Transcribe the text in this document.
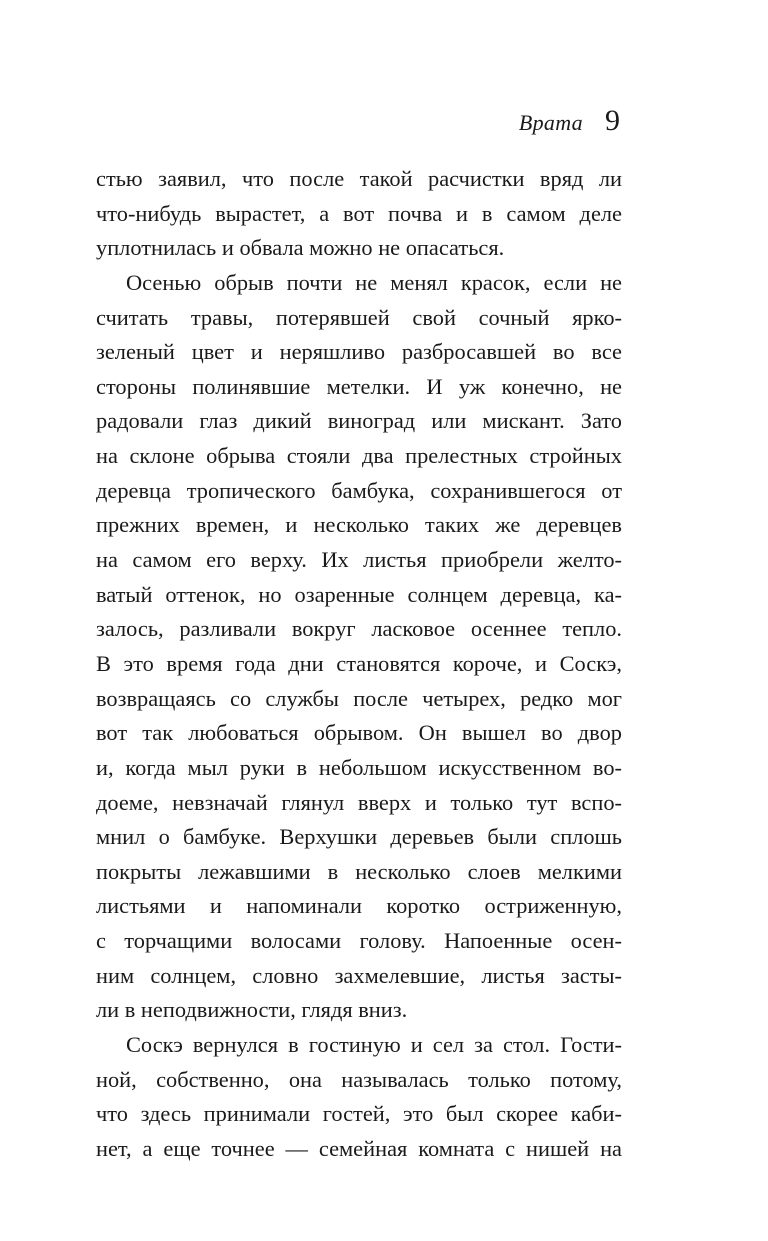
Врата 9
стью заявил, что после такой расчистки вряд ли
что-нибудь вырастет, а вот почва и в самом деле
уплотнилась и обвала можно не опасаться.
Осенью обрыв почти не менял красок, если не
считать травы, потерявшей свой сочный ярко-
зеленый цвет и неряшливо разбросавшей во все
стороны полинявшие метелки. И уж конечно, не
радовали глаз дикий виноград или мискант. Зато
на склоне обрыва стояли два прелестных стройных
деревца тропического бамбука, сохранившегося от
прежних времен, и несколько таких же деревцев
на самом его верху. Их листья приобрели желто-
ватый оттенок, но озаренные солнцем деревца, ка-
залось, разливали вокруг ласковое осеннее тепло.
В это время года дни становятся короче, и Соскэ,
возвращаясь со службы после четырех, редко мог
вот так любоваться обрывом. Он вышел во двор
и, когда мыл руки в небольшом искусственном во-
доеме, невзначай глянул вверх и только тут вспо-
мнил о бамбуке. Верхушки деревьев были сплошь
покрыты лежавшими в несколько слоев мелкими
листьями и напоминали коротко остриженную,
с торчащими волосами голову. Напоенные осен-
ним солнцем, словно захмелевшие, листья засты-
ли в неподвижности, глядя вниз.
Соскэ вернулся в гостиную и сел за стол. Гости-
ной, собственно, она называлась только потому,
что здесь принимали гостей, это был скорее каби-
нет, а еще точнее — семейная комната с нишей на
